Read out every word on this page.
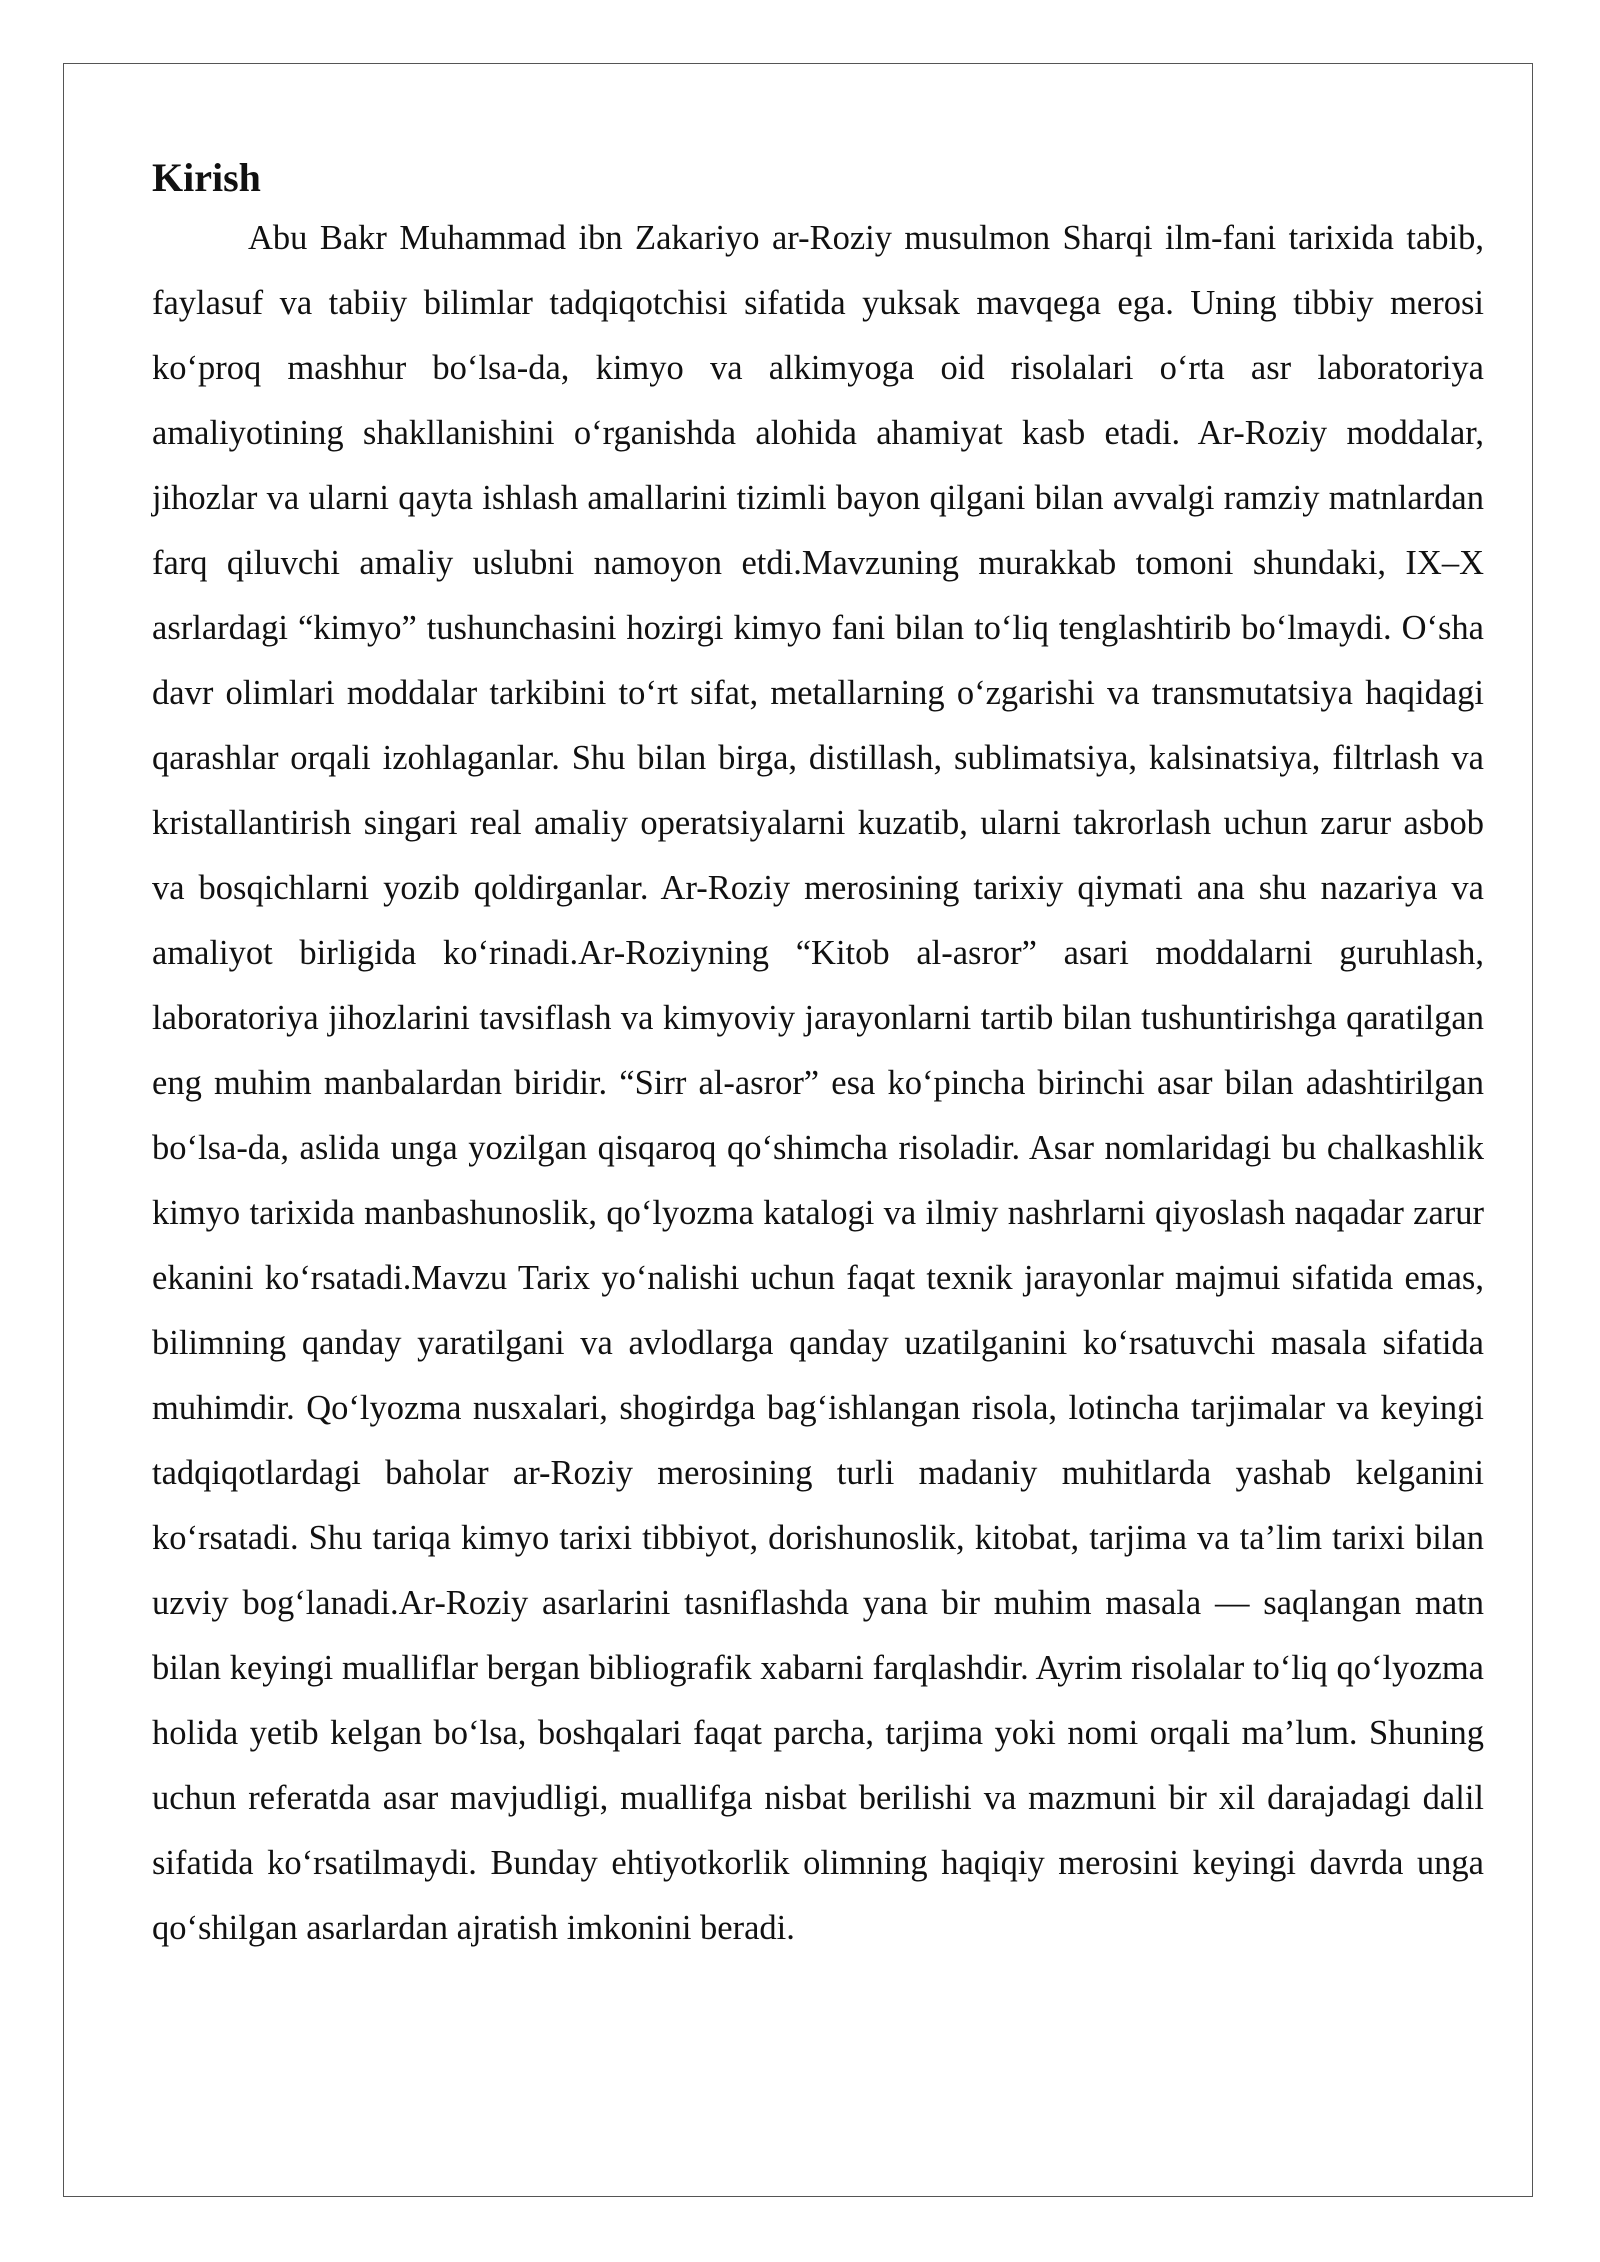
Kirish

Abu Bakr Muhammad ibn Zakariyo ar-Roziy musulmon Sharqi ilm-fani tarixida tabib, faylasuf va tabiiy bilimlar tadqiqotchisi sifatida yuksak mavqega ega. Uning tibbiy merosi ko‘proq mashhur bo‘lsa-da, kimyo va alkimyoga oid risolalari o‘rta asr laboratoriya amaliyotining shakllanishini o‘rganishda alohida ahamiyat kasb etadi. Ar-Roziy moddalar, jihozlar va ularni qayta ishlash amallarini tizimli bayon qilgani bilan avvalgi ramziy matnlardan farq qiluvchi amaliy uslubni namoyon etdi.Mavzuning murakkab tomoni shundaki, IX–X asrlardagi “kimyo” tushunchasini hozirgi kimyo fani bilan to‘liq tenglashtirib bo‘lmaydi. O‘sha davr olimlari moddalar tarkibini to‘rt sifat, metallarning o‘zgarishi va transmutatsiya haqidagi qarashlar orqali izohlaganlar. Shu bilan birga, distillash, sublimatsiya, kalsinatsiya, filtrlash va kristallantirish singari real amaliy operatsiyalarni kuzatib, ularni takrorlash uchun zarur asbob va bosqichlarni yozib qoldirganlar. Ar-Roziy merosining tarixiy qiymati ana shu nazariya va amaliyot birligida ko‘rinadi.Ar-Roziyning “Kitob al-asror” asari moddalarni guruhlash, laboratoriya jihozlarini tavsiflash va kimyoviy jarayonlarni tartib bilan tushuntirishga qaratilgan eng muhim manbalardan biridir. “Sirr al-asror” esa ko‘pincha birinchi asar bilan adashtirilgan bo‘lsa-da, aslida unga yozilgan qisqaroq qo‘shimcha risoladir. Asar nomlaridagi bu chalkashlik kimyo tarixida manbashunoslik, qo‘lyozma katalogi va ilmiy nashrlarni qiyoslash naqadar zarur ekanini ko‘rsatadi.Mavzu Tarix yo‘nalishi uchun faqat texnik jarayonlar majmui sifatida emas, bilimning qanday yaratilgani va avlodlarga qanday uzatilganini ko‘rsatuvchi masala sifatida muhimdir. Qo‘lyozma nusxalari, shogirdga bag‘ishlangan risola, lotincha tarjimalar va keyingi tadqiqotlardagi baholar ar-Roziy merosining turli madaniy muhitlarda yashab kelganini ko‘rsatadi. Shu tariqa kimyo tarixi tibbiyot, dorishunoslik, kitobat, tarjima va ta’lim tarixi bilan uzviy bog‘lanadi.Ar-Roziy asarlarini tasniflashda yana bir muhim masala — saqlangan matn bilan keyingi mualliflar bergan bibliografik xabarni farqlashdir. Ayrim risolalar to‘liq qo‘lyozma holida yetib kelgan bo‘lsa, boshqalari faqat parcha, tarjima yoki nomi orqali ma’lum. Shuning uchun referatda asar mavjudligi, muallifga nisbat berilishi va mazmuni bir xil darajadagi dalil sifatida ko‘rsatilmaydi. Bunday ehtiyotkorlik olimning haqiqiy merosini keyingi davrda unga qo‘shilgan asarlardan ajratish imkonini beradi.
